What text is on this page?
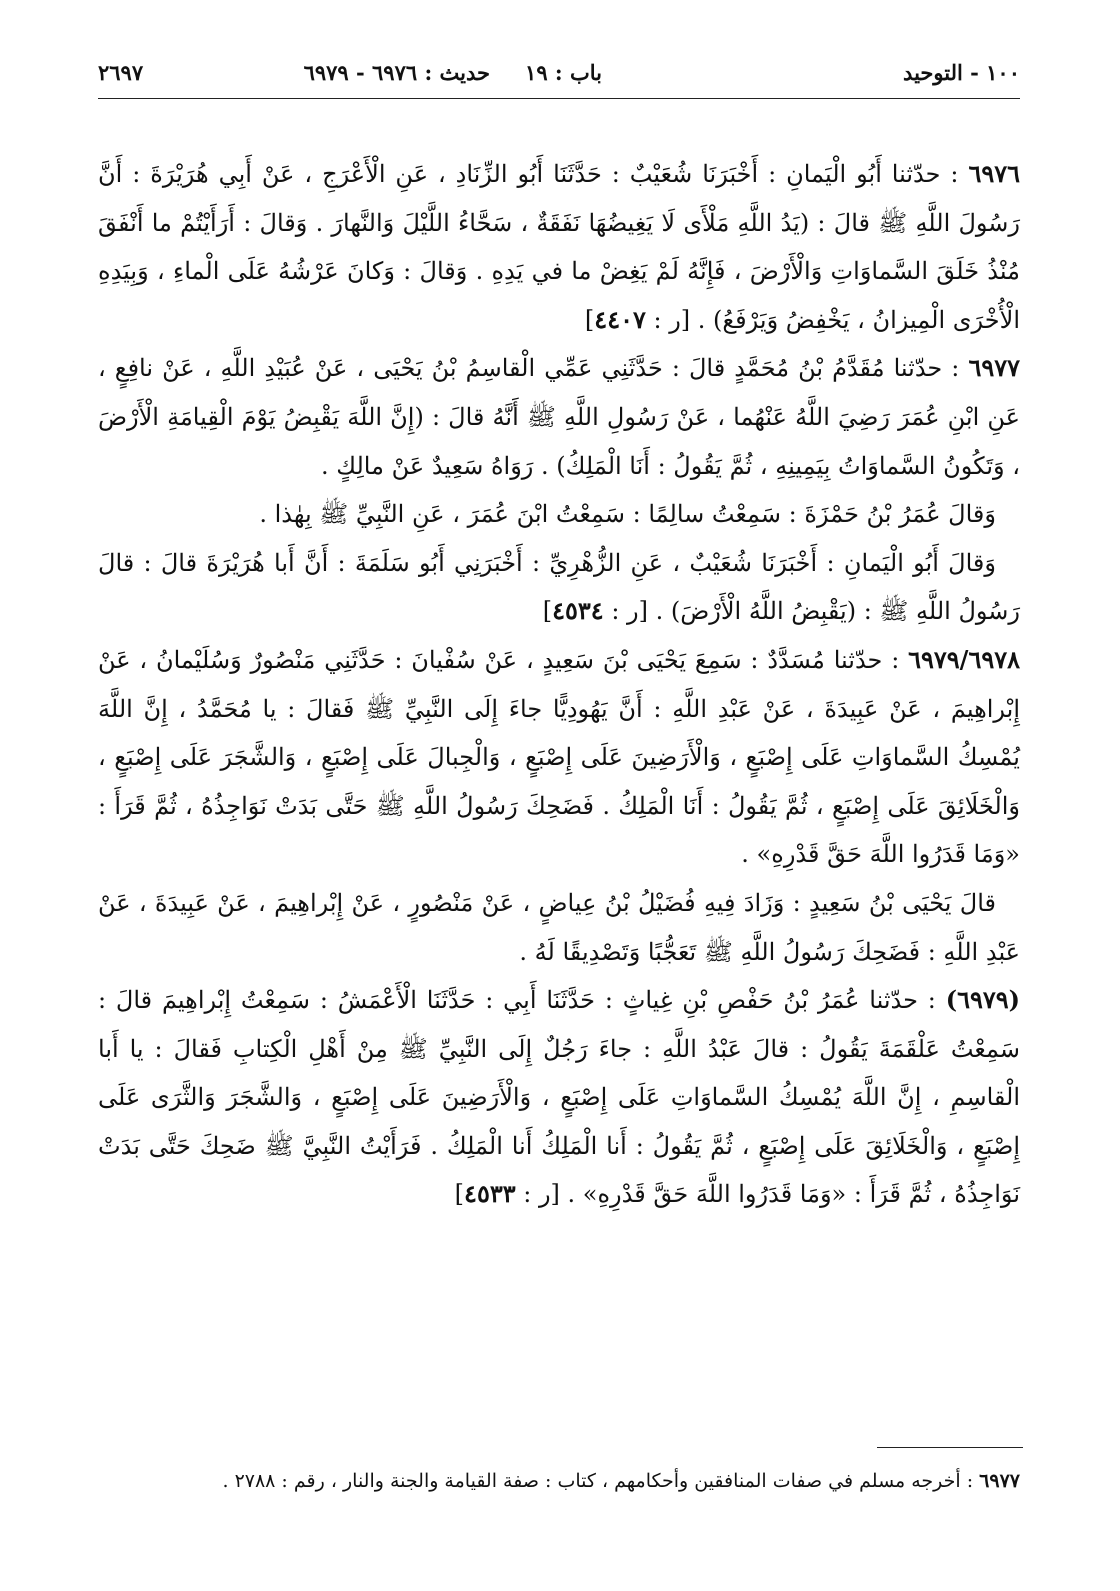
١٠٠ - التوحيد
باب : ١٩
حديث : ٦٩٧٦ - ٦٩٧٩
٢٦٩٧

٦٩٧٦ : حدّثنا أَبُو الْيَمانِ : أَخْبَرَنَا شُعَيْبٌ : حَدَّثَنَا أَبُو الزِّنَادِ ، عَنِ الْأَعْرَجِ ، عَنْ أَبِي هُرَيْرَةَ : أَنَّ رَسُولَ اللَّهِ ﷺ قالَ : (يَدُ اللَّهِ مَلْأَى لَا يَغِيضُهَا نَفَقَةٌ ، سَحَّاءُ اللَّيْلَ وَالنَّهارَ . وَقالَ : أَرَأَيْتُمْ ما أَنْفَقَ مُنْذُ خَلَقَ السَّماوَاتِ وَالْأَرْضَ ، فَإِنَّهُ لَمْ يَغِضْ ما في يَدِهِ . وَقالَ : وَكانَ عَرْشُهُ عَلَى الْماءِ ، وَبِيَدِهِ الْأُخْرَى الْمِيزانُ ، يَخْفِضُ وَيَرْفَعُ) . [ر : ٤٤٠٧]

٦٩٧٧ : حدّثنا مُقَدَّمُ بْنُ مُحَمَّدٍ قالَ : حَدَّثَنِي عَمِّي الْقاسِمُ بْنُ يَحْيَى ، عَنْ عُبَيْدِ اللَّهِ ، عَنْ نافِعٍ ، عَنِ ابْنِ عُمَرَ رَضِيَ اللَّهُ عَنْهُما ، عَنْ رَسُولِ اللَّهِ ﷺ أَنَّهُ قالَ : (إِنَّ اللَّهَ يَقْبِضُ يَوْمَ الْقِيامَةِ الْأَرْضَ ، وَتَكُونُ السَّماوَاتُ بِيَمِينِهِ ، ثُمَّ يَقُولُ : أَنَا الْمَلِكُ) . رَوَاهُ سَعِيدٌ عَنْ مالِكٍ .

وَقالَ عُمَرُ بْنُ حَمْزَةَ : سَمِعْتُ سالِمًا : سَمِعْتُ ابْنَ عُمَرَ ، عَنِ النَّبِيِّ ﷺ بِهٰذا .

وَقالَ أَبُو الْيَمانِ : أَخْبَرَنَا شُعَيْبٌ ، عَنِ الزُّهْرِيِّ : أَخْبَرَنِي أَبُو سَلَمَةَ : أَنَّ أَبا هُرَيْرَةَ قالَ : قالَ رَسُولُ اللَّهِ ﷺ : (يَقْبِضُ اللَّهُ الْأَرْضَ) . [ر : ٤٥٣٤]

٦٩٧٩/٦٩٧٨ : حدّثنا مُسَدَّدٌ : سَمِعَ يَحْيَى بْنَ سَعِيدٍ ، عَنْ سُفْيانَ : حَدَّثَنِي مَنْصُورٌ وَسُلَيْمانُ ، عَنْ إِبْراهِيمَ ، عَنْ عَبِيدَةَ ، عَنْ عَبْدِ اللَّهِ : أَنَّ يَهُودِيًّا جاءَ إِلَى النَّبِيِّ ﷺ فَقالَ : يا مُحَمَّدُ ، إِنَّ اللَّهَ يُمْسِكُ السَّماوَاتِ عَلَى إِصْبَعٍ ، وَالْأَرَضِينَ عَلَى إِصْبَعٍ ، وَالْجِبالَ عَلَى إِصْبَعٍ ، وَالشَّجَرَ عَلَى إِصْبَعٍ ، وَالْخَلَائِقَ عَلَى إِصْبَعٍ ، ثُمَّ يَقُولُ : أَنَا الْمَلِكُ . فَضَحِكَ رَسُولُ اللَّهِ ﷺ حَتَّى بَدَتْ نَوَاجِذُهُ ، ثُمَّ قَرَأَ : «وَمَا قَدَرُوا اللَّهَ حَقَّ قَدْرِهِ» .

قالَ يَحْيَى بْنُ سَعِيدٍ : وَزَادَ فِيهِ فُضَيْلُ بْنُ عِياضٍ ، عَنْ مَنْصُورٍ ، عَنْ إِبْراهِيمَ ، عَنْ عَبِيدَةَ ، عَنْ عَبْدِ اللَّهِ : فَضَحِكَ رَسُولُ اللَّهِ ﷺ تَعَجُّبًا وَتَصْدِيقًا لَهُ .

(٦٩٧٩) : حدّثنا عُمَرُ بْنُ حَفْصِ بْنِ غِياثٍ : حَدَّثَنَا أَبِي : حَدَّثَنَا الْأَعْمَشُ : سَمِعْتُ إِبْراهِيمَ قالَ : سَمِعْتُ عَلْقَمَةَ يَقُولُ : قالَ عَبْدُ اللَّهِ : جاءَ رَجُلٌ إِلَى النَّبِيِّ ﷺ مِنْ أَهْلِ الْكِتابِ فَقالَ : يا أَبا الْقاسِمِ ، إِنَّ اللَّهَ يُمْسِكُ السَّماوَاتِ عَلَى إِصْبَعٍ ، وَالْأَرَضِينَ عَلَى إِصْبَعٍ ، وَالشَّجَرَ وَالثَّرَى عَلَى إِصْبَعٍ ، وَالْخَلَائِقَ عَلَى إِصْبَعٍ ، ثُمَّ يَقُولُ : أَنا الْمَلِكُ أَنا الْمَلِكُ . فَرَأَيْتُ النَّبِيَّ ﷺ ضَحِكَ حَتَّى بَدَتْ نَوَاجِذُهُ ، ثُمَّ قَرَأَ : «وَمَا قَدَرُوا اللَّهَ حَقَّ قَدْرِهِ» . [ر : ٤٥٣٣]

٦٩٧٧ : أخرجه مسلم في صفات المنافقين وأحكامهم ، كتاب : صفة القيامة والجنة والنار ، رقم : ٢٧٨٨ .
